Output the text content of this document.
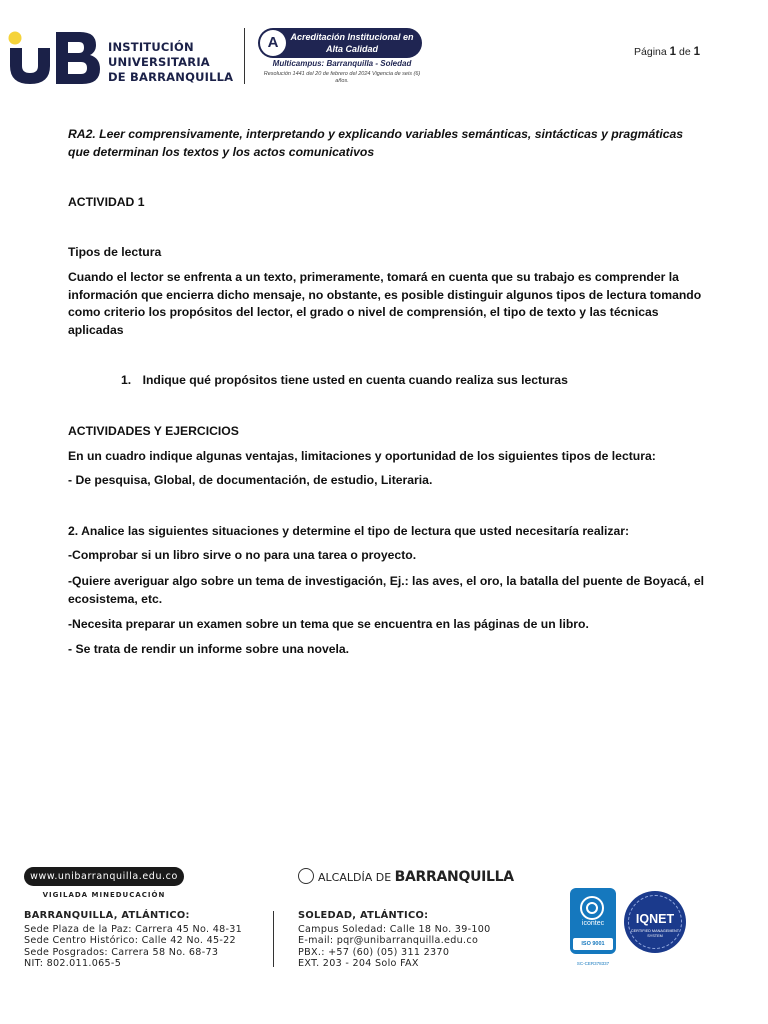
INSTITUCIÓN
UNIVERSITARIA
DE BARRANQUILLA
A	Acreditación Institucional en Alta Calidad
Multicampus: Barranquilla - Soledad
Resolución 1441 del 20 de febrero del 2024 Vigencia de seis (6) años.
Página 1 de 1

RA2. Leer comprensivamente, interpretando y explicando variables semánticas, sintácticas y pragmáticas que determinan los textos y los actos comunicativos

ACTIVIDAD 1

Tipos de lectura

Cuando el lector se enfrenta a un texto, primeramente, tomará en cuenta que su trabajo es comprender la información que encierra dicho mensaje, no obstante, es posible distinguir algunos tipos de lectura tomando como criterio los propósitos del lector, el grado o nivel de comprensión, el tipo de texto y las técnicas aplicadas

1. Indique qué propósitos tiene usted en cuenta cuando realiza sus lecturas

ACTIVIDADES Y EJERCICIOS

En un cuadro indique algunas ventajas, limitaciones y oportunidad de los siguientes tipos de lectura:

- De pesquisa, Global, de documentación, de estudio, Literaria.

2. Analice las siguientes situaciones y determine el tipo de lectura que usted necesitaría realizar:

-Comprobar si un libro sirve o no para una tarea o proyecto.

-Quiere averiguar algo sobre un tema de investigación, Ej.: las aves, el oro, la batalla del puente de Boyacá, el ecosistema, etc.

-Necesita preparar un examen sobre un tema que se encuentra en las páginas de un libro.

- Se trata de rendir un informe sobre una novela.

www.unibarranquilla.edu.co
VIGILADA MINEDUCACIÓN
ALCALDÍA DE BARRANQUILLA
BARRANQUILLA, ATLÁNTICO:
Sede Plaza de la Paz: Carrera 45 No. 48-31
Sede Centro Histórico: Calle 42 No. 45-22
Sede Posgrados: Carrera 58 No. 68-73
NIT: 802.011.065-5
SOLEDAD, ATLÁNTICO:
Campus Soledad: Calle 18 No. 39-100
E-mail: pqr@unibarranquilla.edu.co
PBX.: +57 (60) (05) 311 2370
EXT. 203 - 204 Solo FAX
icontec
ISO 9001
SC-CER378337
IQNET
CERTIFIED MANAGEMENT SYSTEM
